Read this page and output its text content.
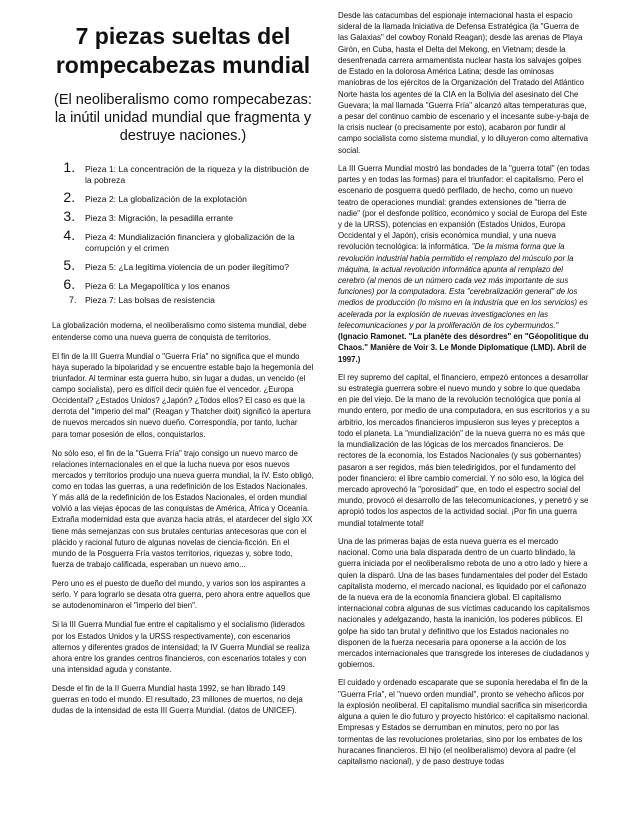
7 piezas sueltas del rompecabezas mundial
(El neoliberalismo como rompecabezas: la inútil unidad mundial que fragmenta y destruye naciones.)
1. Pieza 1: La concentración de la riqueza y la distribución de la pobreza
2. Pieza 2: La globalización de la explotación
3. Pieza 3: Migración, la pesadilla errante
4. Pieza 4: Mundialización financiera y globalización de la corrupción y el crimen
5. Pieza 5: ¿La legítima violencia de un poder ilegítimo?
6. Pieza 6: La Megapolítica y los enanos
7. Pieza 7: Las bolsas de resistencia

La globalización moderna, el neoliberalismo como sistema mundial, debe entenderse como una nueva guerra de conquista de territorios.

El fin de la III Guerra Mundial o "Guerra Fría" no significa que el mundo haya superado la bipolaridad y se encuentre estable bajo la hegemonía del triunfador. Al terminar esta guerra hubo, sin lugar a dudas, un vencido (el campo socialista), pero es difícil decir quién fue el vencedor. ¿Europa Occidental? ¿Estados Unidos? ¿Japón? ¿Todos ellos? El caso es que la derrota del "imperio del mal" (Reagan y Thatcher dixit) significó la apertura de nuevos mercados sin nuevo dueño. Correspondía, por tanto, luchar para tomar posesión de ellos, conquistarlos.

No sólo eso, el fin de la "Guerra Fría" trajo consigo un nuevo marco de relaciones internacionales en el que la lucha nueva por esos nuevos mercados y territorios produjo una nueva guerra mundial, la IV. Esto obligó, como en todas las guerras, a una redefinición de los Estados Nacionales. Y más allá de la redefinición de los Estados Nacionales, el orden mundial volvió a las viejas épocas de las conquistas de América, África y Oceanía. Extraña modernidad esta que avanza hacia atrás, el atardecer del siglo XX tiene más semejanzas con sus brutales centurias antecesoras que con el plácido y racional futuro de algunas novelas de ciencia-ficción. En el mundo de la Posguerra Fría vastos territorios, riquezas y, sobre todo, fuerza de trabajo calificada, esperaban un nuevo amo...

Pero uno es el puesto de dueño del mundo, y varios son los aspirantes a serlo. Y para lograrlo se desata otra guerra, pero ahora entre aquellos que se autodenominaron el "imperio del bien".

Si la III Guerra Mundial fue entre el capitalismo y el socialismo (liderados por los Estados Unidos y la URSS respectivamente), con escenarios alternos y diferentes grados de intensidad; la IV Guerra Mundial se realiza ahora entre los grandes centros financieros, con escenarios totales y con una intensidad aguda y constante.

Desde el fin de la II Guerra Mundial hasta 1992, se han librado 149 guerras en todo el mundo. El resultado, 23 millones de muertos, no deja dudas de la intensidad de esta III Guerra Mundial. (datos de UNICEF).

Desde las catacumbas del espionaje internacional hasta el espacio sideral de la llamada Iniciativa de Defensa Estratégica (la "Guerra de las Galaxias" del cowboy Ronald Reagan); desde las arenas de Playa Girón, en Cuba, hasta el Delta del Mekong, en Vietnam; desde la desenfrenada carrera armamentista nuclear hasta los salvajes golpes de Estado en la dolorosa América Latina; desde las ominosas maniobras de los ejércitos de la Organización del Tratado del Atlántico Norte hasta los agentes de la CIA en la Bolivia del asesinato del Che Guevara; la mal llamada "Guerra Fría" alcanzó altas temperaturas que, a pesar del continuo cambio de escenario y el incesante sube-y-baja de la crisis nuclear (o precisamente por esto), acabaron por fundir al campo socialista como sistema mundial, y lo diluyeron como alternativa social.

La III Guerra Mundial mostró las bondades de la "guerra total" (en todas partes y en todas las formas) para el triunfador: el capitalismo. Pero el escenario de posguerra quedó perfilado, de hecho, como un nuevo teatro de operaciones mundial: grandes extensiones de "tierra de nadie" (por el desfonde político, económico y social de Europa del Este y de la URSS), potencias en expansión (Estados Unidos, Europa Occidental y el Japón), crisis económica mundial, y una nueva revolución tecnológica: la informática. "De la misma forma que la revolución industrial había permitido el remplazo del músculo por la máquina, la actual revolución informática apunta al remplazo del cerebro (al menos de un número cada vez más importante de sus funciones) por la computadora. Esta "cerebralización general" de los medios de producción (lo mismo en la industria que en los servicios) es acelerada por la explosión de nuevas investigaciones en las telecomunicaciones y por la proliferación de los cybermundos." (Ignacio Ramonet. "La planète des désordres" en "Géopolitique du Chaos." Manière de Voir 3. Le Monde Diplomatique (LMD). Abril de 1997.)

El rey supremo del capital, el financiero, empezó entonces a desarrollar su estrategia guerrera sobre el nuevo mundo y sobre lo que quedaba en pie del viejo. De la mano de la revolución tecnológica que ponía al mundo entero, por medio de una computadora, en sus escritorios y a su arbitrio, los mercados financieros impusieron sus leyes y preceptos a todo el planeta. La "mundialización" de la nueva guerra no es más que la mundialización de las lógicas de los mercados financieros. De rectores de la economía, los Estados Nacionales (y sus gobernantes) pasaron a ser regidos, más bien teledirigidos, por el fundamento del poder financiero: el libre cambio comercial. Y no sólo eso, la lógica del mercado aprovechó la "porosidad" que, en todo el espectro social del mundo, provocó el desarrollo de las telecomunicaciones, y penetró y se apropió todos los aspectos de la actividad social. ¡Por fin una guerra mundial totalmente total!

Una de las primeras bajas de esta nueva guerra es el mercado nacional. Como una bala disparada dentro de un cuarto blindado, la guerra iniciada por el neoliberalismo rebota de uno a otro lado y hiere a quien la disparó. Una de las bases fundamentales del poder del Estado capitalista moderno, el mercado nacional, es liquidado por el cañonazo de la nueva era de la economía financiera global. El capitalismo internacional cobra algunas de sus víctimas caducando los capitalismos nacionales y adelgazando, hasta la inanición, los poderes públicos. El golpe ha sido tan brutal y definitivo que los Estados nacionales no disponen de la fuerza necesaria para oponerse a la acción de los mercados internacionales que transgrede los intereses de ciudadanos y gobiernos.

El cuidado y ordenado escaparate que se suponía heredaba el fin de la "Guerra Fría", el "nuevo orden mundial", pronto se vehecho añicos por la explosión neoliberal. El capitalismo mundial sacrifica sin misericordia alguna a quien le dio futuro y proyecto histórico: el capitalismo nacional. Empresas y Estados se derrumban en minutos, pero no por las tormentas de las revoluciones proletarias, sino por los embates de los huracanes financieros. El hijo (el neoliberalismo) devora al padre (el capitalismo nacional), y de paso destruye todas
